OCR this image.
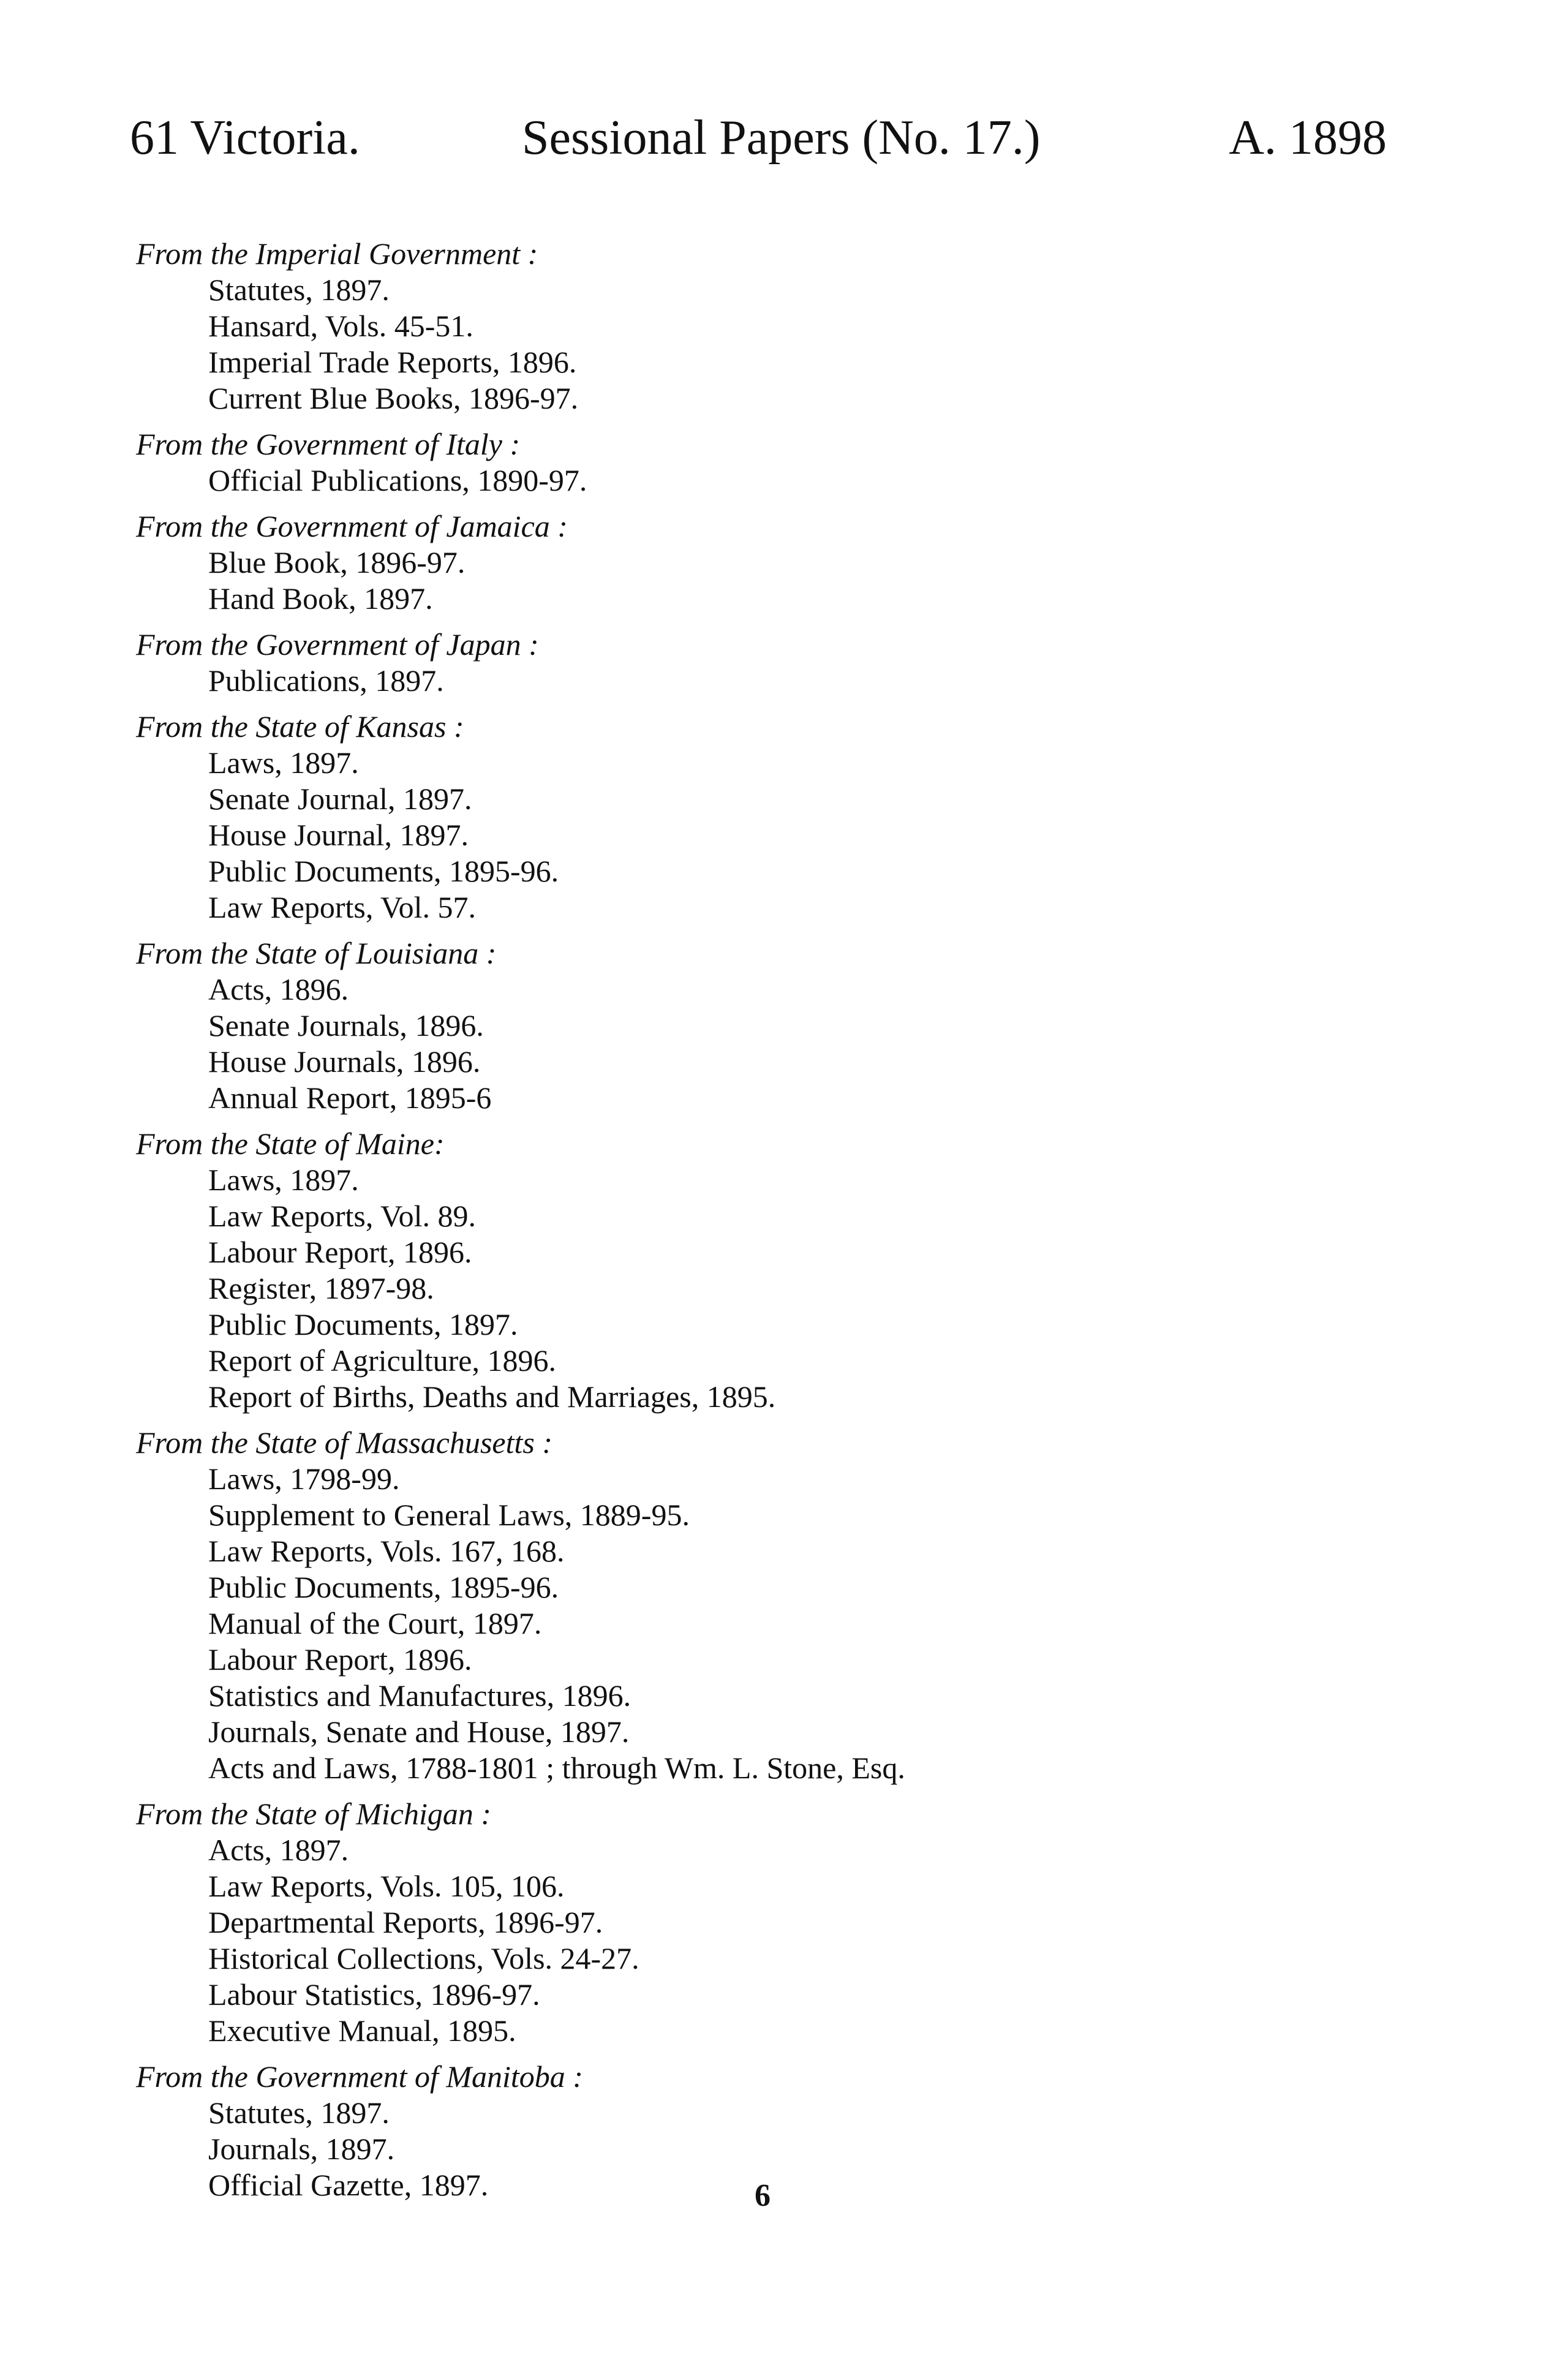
61 Victoria.	Sessional Papers (No. 17.)	A. 1898
From the Imperial Government :
Statutes, 1897.
Hansard, Vols. 45-51.
Imperial Trade Reports, 1896.
Current Blue Books, 1896-97.
From the Government of Italy :
Official Publications, 1890-97.
From the Government of Jamaica :
Blue Book, 1896-97.
Hand Book, 1897.
From the Government of Japan :
Publications, 1897.
From the State of Kansas :
Laws, 1897.
Senate Journal, 1897.
House Journal, 1897.
Public Documents, 1895-96.
Law Reports, Vol. 57.
From the State of Louisiana :
Acts, 1896.
Senate Journals, 1896.
House Journals, 1896.
Annual Report, 1895-6
From the State of Maine:
Laws, 1897.
Law Reports, Vol. 89.
Labour Report, 1896.
Register, 1897-98.
Public Documents, 1897.
Report of Agriculture, 1896.
Report of Births, Deaths and Marriages, 1895.
From the State of Massachusetts :
Laws, 1798-99.
Supplement to General Laws, 1889-95.
Law Reports, Vols. 167, 168.
Public Documents, 1895-96.
Manual of the Court, 1897.
Labour Report, 1896.
Statistics and Manufactures, 1896.
Journals, Senate and House, 1897.
Acts and Laws, 1788-1801 ; through Wm. L. Stone, Esq.
From the State of Michigan :
Acts, 1897.
Law Reports, Vols. 105, 106.
Departmental Reports, 1896-97.
Historical Collections, Vols. 24-27.
Labour Statistics, 1896-97.
Executive Manual, 1895.
From the Government of Manitoba :
Statutes, 1897.
Journals, 1897.
Official Gazette, 1897.	6
